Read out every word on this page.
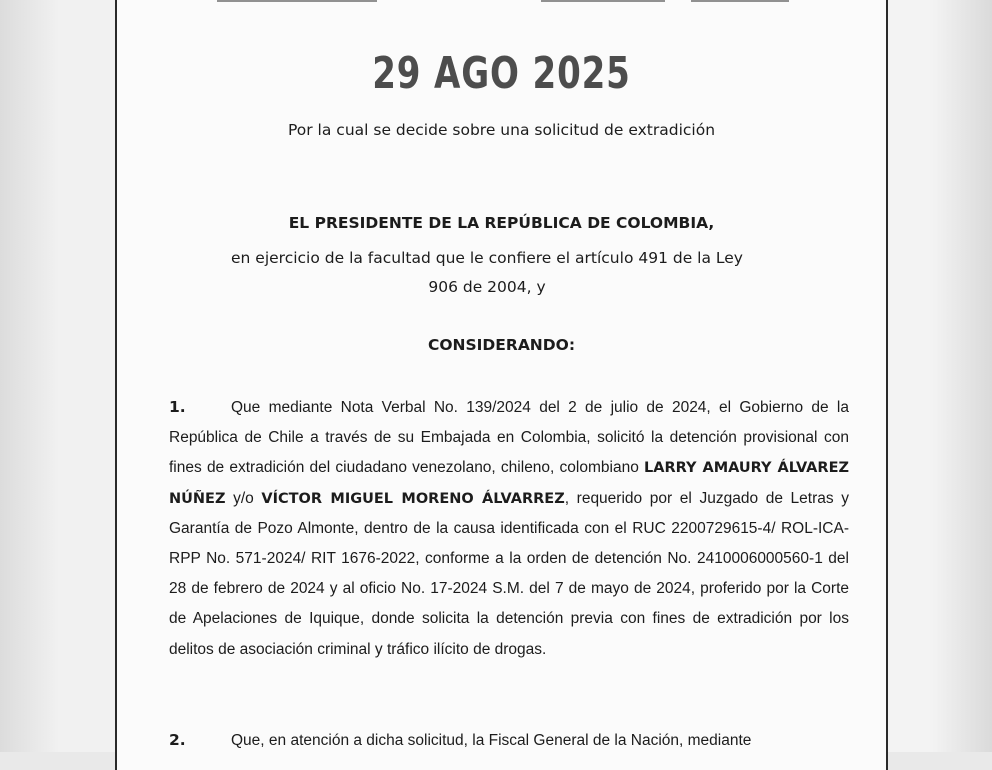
29 AGO 2025
Por la cual se decide sobre una solicitud de extradición
EL PRESIDENTE DE LA REPÚBLICA DE COLOMBIA,
en ejercicio de la facultad que le confiere el artículo 491 de la Ley 906 de 2004, y
CONSIDERANDO:
1.	Que mediante Nota Verbal No. 139/2024 del 2 de julio de 2024, el Gobierno de la República de Chile a través de su Embajada en Colombia, solicitó la detención provisional con fines de extradición del ciudadano venezolano, chileno, colombiano LARRY AMAURY ÁLVAREZ NÚÑEZ y/o VÍCTOR MIGUEL MORENO ÁLVARREZ, requerido por el Juzgado de Letras y Garantía de Pozo Almonte, dentro de la causa identificada con el RUC 2200729615-4/ ROL-ICA-RPP No. 571-2024/ RIT 1676-2022, conforme a la orden de detención No. 2410006000560-1 del 28 de febrero de 2024 y al oficio No. 17-2024 S.M. del 7 de mayo de 2024, proferido por la Corte de Apelaciones de Iquique, donde solicita la detención previa con fines de extradición por los delitos de asociación criminal y tráfico ilícito de drogas.
2.	Que, en atención a dicha solicitud, la Fiscal General de la Nación, mediante
